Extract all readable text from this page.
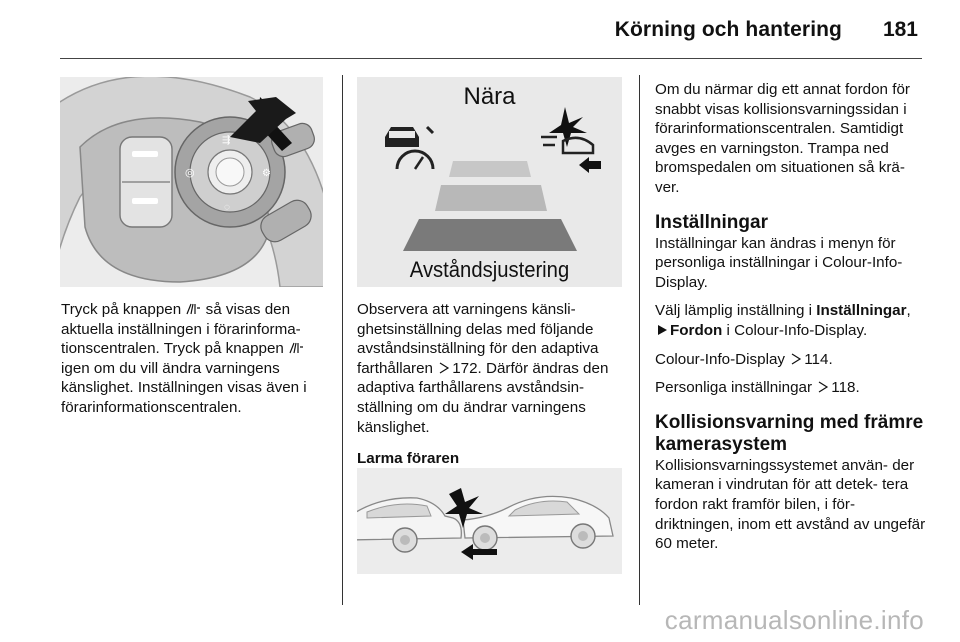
Körning och hantering 181
⇶
◎	⚙
◌

Tryck på knappen  så visas den aktuella inställningen i förarinforma- tionscentralen. Tryck på knappen  igen om du vill ändra varningens känslighet. Inställningen visas även i förarinformationscentralen.

Nära
Avståndsjustering

Observera att varningens känsli- ghetsinställning delas med följande avståndsinställning för den adaptiva farthållaren 172. Därför ändras den adaptiva farthållarens avståndsin- ställning om du ändrar varningens känslighet.

Larma föraren

Om du närmar dig ett annat fordon för snabbt visas kollisionsvarningssidan i förarinformationscentralen. Samtidigt avges en varningston. Trampa ned bromspedalen om situationen så krä- ver.

Inställningar

Inställningar kan ändras i menyn för personliga inställningar i Colour-Info- Display.

Välj lämplig inställning i Inställningar,
Fordon i Colour-Info-Display.

Colour-Info-Display 114.

Personliga inställningar 118.

Kollisionsvarning med främre
kamerasystem

Kollisionsvarningssystemet använ- der kameran i vindrutan för att detek- tera fordon rakt framför bilen, i för- driktningen, inom ett avstånd av ungefär 60 meter.

carmanualsonline.info
